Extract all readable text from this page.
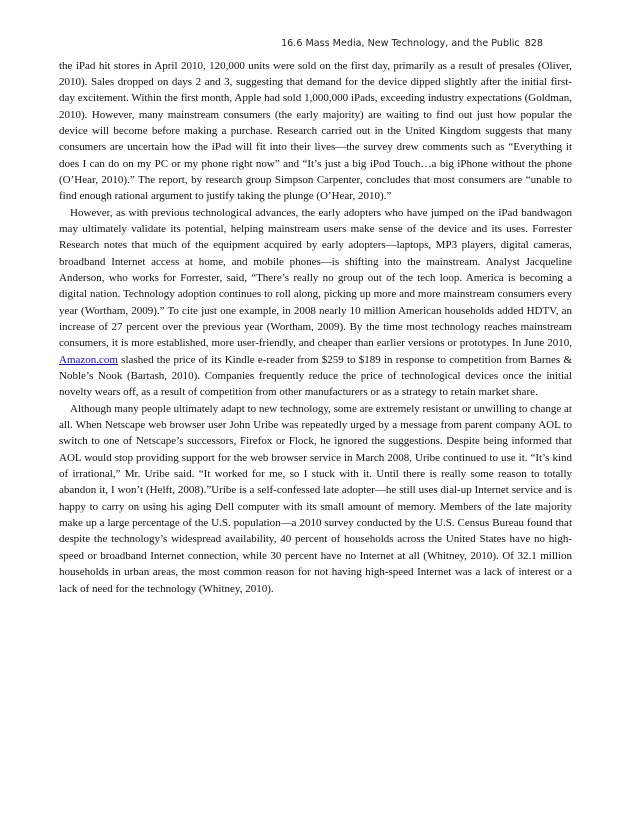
16.6 Mass Media, New Technology, and the Public 828

the iPad hit stores in April 2010, 120,000 units were sold on the first day, primarily as a result of presales (Oliver, 2010). Sales dropped on days 2 and 3, suggesting that demand for the device dipped slightly after the initial first-day excitement. Within the first month, Apple had sold 1,000,000 iPads, exceeding industry expectations (Goldman, 2010). However, many mainstream consumers (the early majority) are waiting to find out just how popular the device will become before making a purchase. Research carried out in the United Kingdom suggests that many consumers are uncertain how the iPad will fit into their lives—the survey drew comments such as “Everything it does I can do on my PC or my phone right now” and “It’s just a big iPod Touch…a big iPhone without the phone (O’Hear, 2010).” The report, by research group Simpson Carpenter, concludes that most consumers are “unable to find enough rational argument to justify taking the plunge (O’Hear, 2010).”

However, as with previous technological advances, the early adopters who have jumped on the iPad bandwagon may ultimately validate its potential, helping mainstream users make sense of the device and its uses. Forrester Research notes that much of the equipment acquired by early adopters—laptops, MP3 players, digital cameras, broadband Internet access at home, and mobile phones—is shifting into the mainstream. Analyst Jacqueline Anderson, who works for Forrester, said, “There’s really no group out of the tech loop. America is becoming a digital nation. Technology adoption continues to roll along, picking up more and more mainstream consumers every year (Wortham, 2009).” To cite just one example, in 2008 nearly 10 million American households added HDTV, an increase of 27 percent over the previous year (Wortham, 2009). By the time most technology reaches mainstream consumers, it is more established, more user-friendly, and cheaper than earlier versions or prototypes. In June 2010, Amazon.com slashed the price of its Kindle e-reader from $259 to $189 in response to competition from Barnes & Noble’s Nook (Bartash, 2010). Companies frequently reduce the price of technological devices once the initial novelty wears off, as a result of competition from other manufacturers or as a strategy to retain market share.

Although many people ultimately adapt to new technology, some are extremely resistant or unwilling to change at all. When Netscape web browser user John Uribe was repeatedly urged by a message from parent company AOL to switch to one of Netscape’s successors, Firefox or Flock, he ignored the suggestions. Despite being informed that AOL would stop providing support for the web browser service in March 2008, Uribe continued to use it. “It’s kind of irrational,” Mr. Uribe said. “It worked for me, so I stuck with it. Until there is really some reason to totally abandon it, I won’t (Helft, 2008).”Uribe is a self-confessed late adopter—he still uses dial-up Internet service and is happy to carry on using his aging Dell computer with its small amount of memory. Members of the late majority make up a large percentage of the U.S. population—a 2010 survey conducted by the U.S. Census Bureau found that despite the technology’s widespread availability, 40 percent of households across the United States have no high-speed or broadband Internet connection, while 30 percent have no Internet at all (Whitney, 2010). Of 32.1 million households in urban areas, the most common reason for not having high-speed Internet was a lack of interest or a lack of need for the technology (Whitney, 2010).
